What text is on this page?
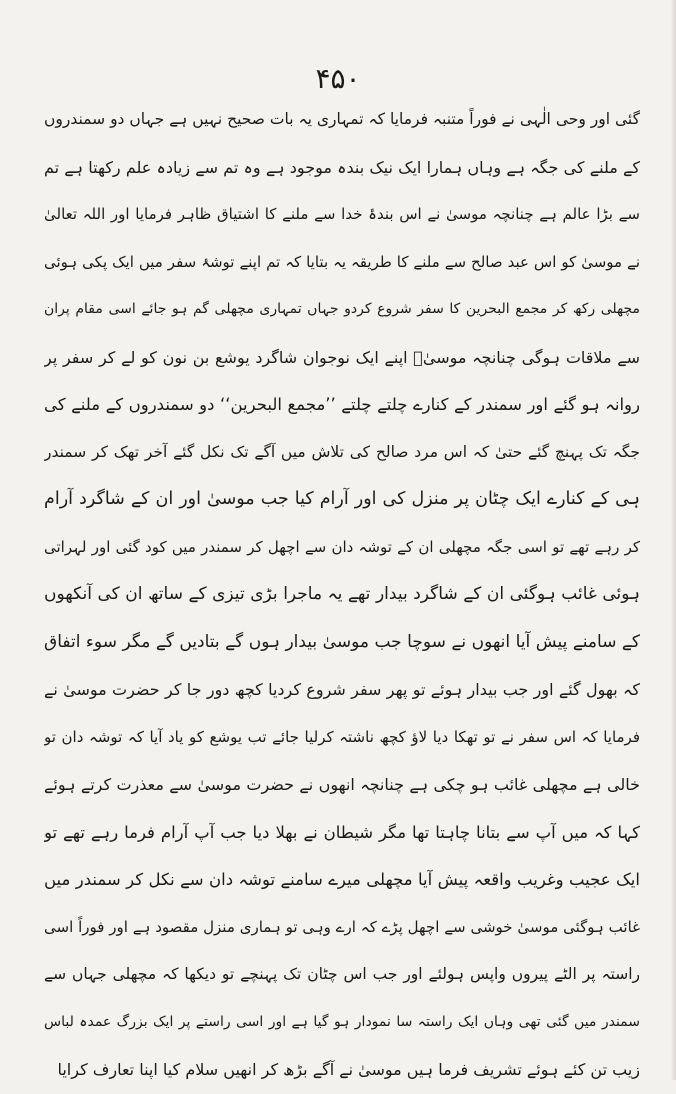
۴۵۰
گئی اور وحی الٰہی نے فوراً متنبہ فرمایا کہ تمہاری یہ بات صحیح نہیں ہے جہاں دو سمندروں
کے ملنے کی جگہ ہے وہاں ہمارا ایک نیک بندہ موجود ہے وہ تم سے زیادہ علم رکھتا ہے تم
سے بڑا عالم ہے چنانچہ موسیٰ نے اس بندۂ خدا سے ملنے کا اشتیاق ظاہر فرمایا اور اللہ تعالیٰ
نے موسیٰ کو اس عبد صالح سے ملنے کا طریقہ یہ بتایا کہ تم اپنے توشۂ سفر میں ایک پکی ہوئی
مچھلی رکھ کر مجمع البحرین کا سفر شروع کردو جہاں تمہاری مچھلی گم ہو جائے اسی مقام پران
سے ملاقات ہوگی چنانچہ موسیٰؑ اپنے ایک نوجوان شاگرد یوشع بن نون کو لے کر سفر پر
روانہ ہو گئے اور سمندر کے کنارے چلتے چلتے ’’مجمع البحرین‘‘ دو سمندروں کے ملنے کی
جگہ تک پہنچ گئے حتیٰ کہ اس مرد صالح کی تلاش میں آگے تک نکل گئے آخر تھک کر سمندر
ہی کے کنارے ایک چٹان پر منزل کی اور آرام کیا جب موسیٰ اور ان کے شاگرد آرام
کر رہے تھے تو اسی جگہ مچھلی ان کے توشہ دان سے اچھل کر سمندر میں کود گئی اور لہراتی
ہوئی غائب ہوگئی ان کے شاگرد بیدار تھے یہ ماجرا بڑی تیزی کے ساتھ ان کی آنکھوں
کے سامنے پیش آیا انھوں نے سوچا جب موسیٰ بیدار ہوں گے بتادیں گے مگر سوء اتفاق
کہ بھول گئے اور جب بیدار ہوئے تو پھر سفر شروع کردیا کچھ دور جا کر حضرت موسیٰ نے
فرمایا کہ اس سفر نے تو تھکا دیا لاؤ کچھ ناشتہ کرلیا جائے تب یوشع کو یاد آیا کہ توشہ دان تو
خالی ہے مچھلی غائب ہو چکی ہے چنانچہ انھوں نے حضرت موسیٰ سے معذرت کرتے ہوئے
کہا کہ میں آپ سے بتانا چاہتا تھا مگر شیطان نے بھلا دیا جب آپ آرام فرما رہے تھے تو
ایک عجیب وغریب واقعہ پیش آیا مچھلی میرے سامنے توشہ دان سے نکل کر سمندر میں
غائب ہوگئی موسیٰ خوشی سے اچھل پڑے کہ ارے وہی تو ہماری منزل مقصود ہے اور فوراً اسی
راستہ پر الٹے پیروں واپس ہولئے اور جب اس چٹان تک پہنچے تو دیکھا کہ مچھلی جہاں سے
سمندر میں گئی تھی وہاں ایک راستہ سا نمودار ہو گیا ہے اور اسی راستے پر ایک بزرگ عمدہ لباس
زیب تن کئے ہوئے تشریف فرما ہیں موسیٰ نے آگے بڑھ کر انھیں سلام کیا اپنا تعارف کرایا
